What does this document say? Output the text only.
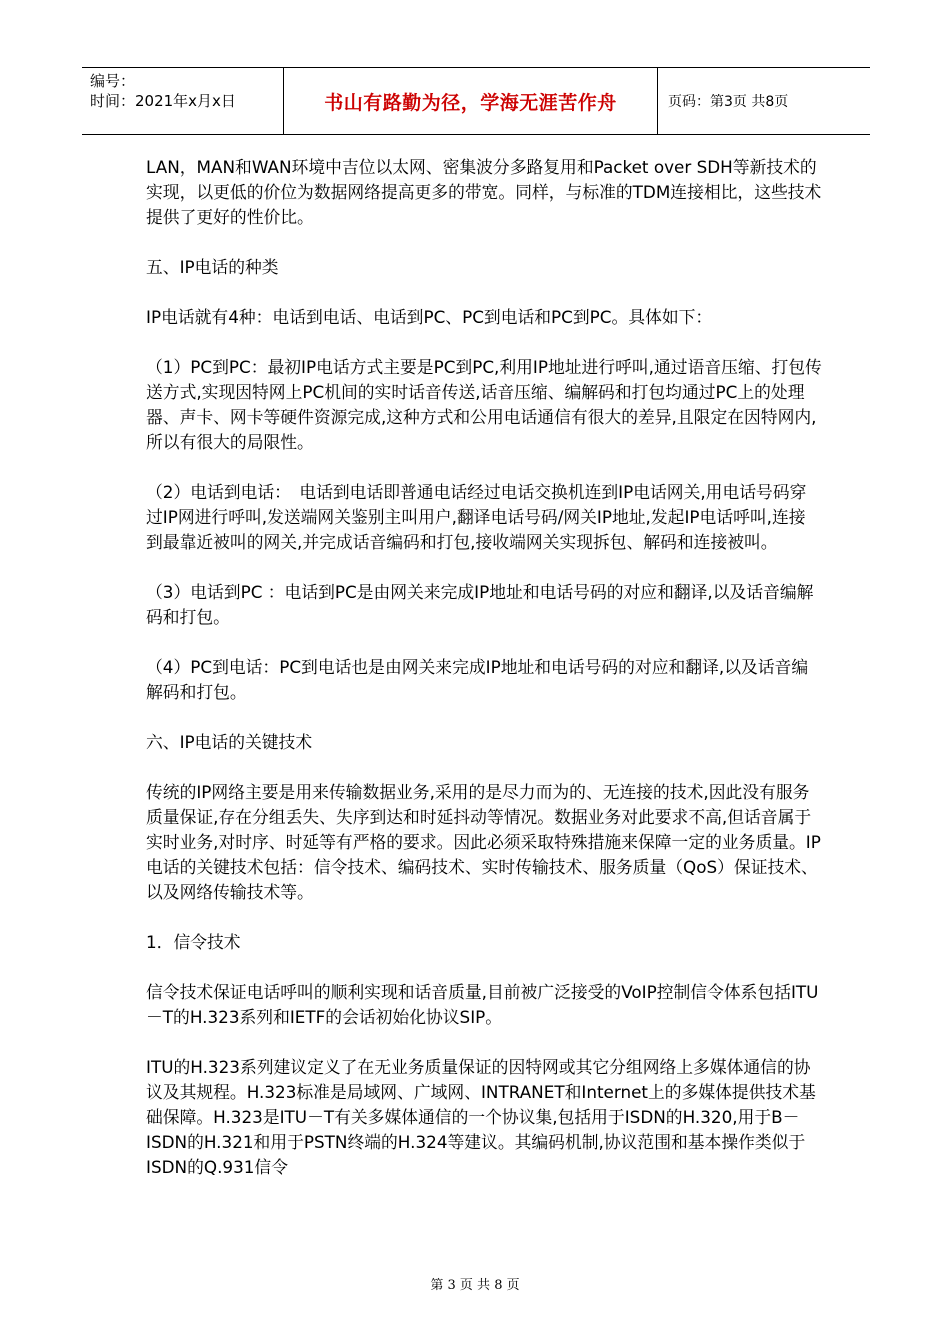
编号：
时间：2021年x月x日	书山有路勤为径，学海无涯苦作舟	页码：第3页 共8页

LAN，MAN和WAN环境中吉位以太网、密集波分多路复用和Packet over SDH等新技术的实现，以更低的价位为数据网络提高更多的带宽。同样，与标准的TDM连接相比，这些技术提供了更好的性价比。

五、IP电话的种类

IP电话就有4种：电话到电话、电话到PC、PC到电话和PC到PC。具体如下：

（1）PC到PC：最初IP电话方式主要是PC到PC,利用IP地址进行呼叫,通过语音压缩、打包传送方式,实现因特网上PC机间的实时话音传送,话音压缩、编解码和打包均通过PC上的处理器、声卡、网卡等硬件资源完成,这种方式和公用电话通信有很大的差异,且限定在因特网内,所以有很大的局限性。

（2）电话到电话：　电话到电话即普通电话经过电话交换机连到IP电话网关,用电话号码穿过IP网进行呼叫,发送端网关鉴别主叫用户,翻译电话号码/网关IP地址,发起IP电话呼叫,连接到最靠近被叫的网关,并完成话音编码和打包,接收端网关实现拆包、解码和连接被叫。

（3）电话到PC ：电话到PC是由网关来完成IP地址和电话号码的对应和翻译,以及话音编解码和打包。

（4）PC到电话：PC到电话也是由网关来完成IP地址和电话号码的对应和翻译,以及话音编解码和打包。

六、IP电话的关键技术

传统的IP网络主要是用来传输数据业务,采用的是尽力而为的、无连接的技术,因此没有服务质量保证,存在分组丢失、失序到达和时延抖动等情况。数据业务对此要求不高,但话音属于实时业务,对时序、时延等有严格的要求。因此必须采取特殊措施来保障一定的业务质量。IP电话的关键技术包括：信令技术、编码技术、实时传输技术、服务质量（QoS）保证技术、以及网络传输技术等。

1．信令技术

信令技术保证电话呼叫的顺利实现和话音质量,目前被广泛接受的VoIP控制信令体系包括ITU－T的H.323系列和IETF的会话初始化协议SIP。

ITU的H.323系列建议定义了在无业务质量保证的因特网或其它分组网络上多媒体通信的协议及其规程。H.323标准是局域网、广域网、INTRANET和Internet上的多媒体提供技术基础保障。H.323是ITU－T有关多媒体通信的一个协议集,包括用于ISDN的H.320,用于B－ISDN的H.321和用于PSTN终端的H.324等建议。其编码机制,协议范围和基本操作类似于ISDN的Q.931信令

第 3 页 共 8 页
